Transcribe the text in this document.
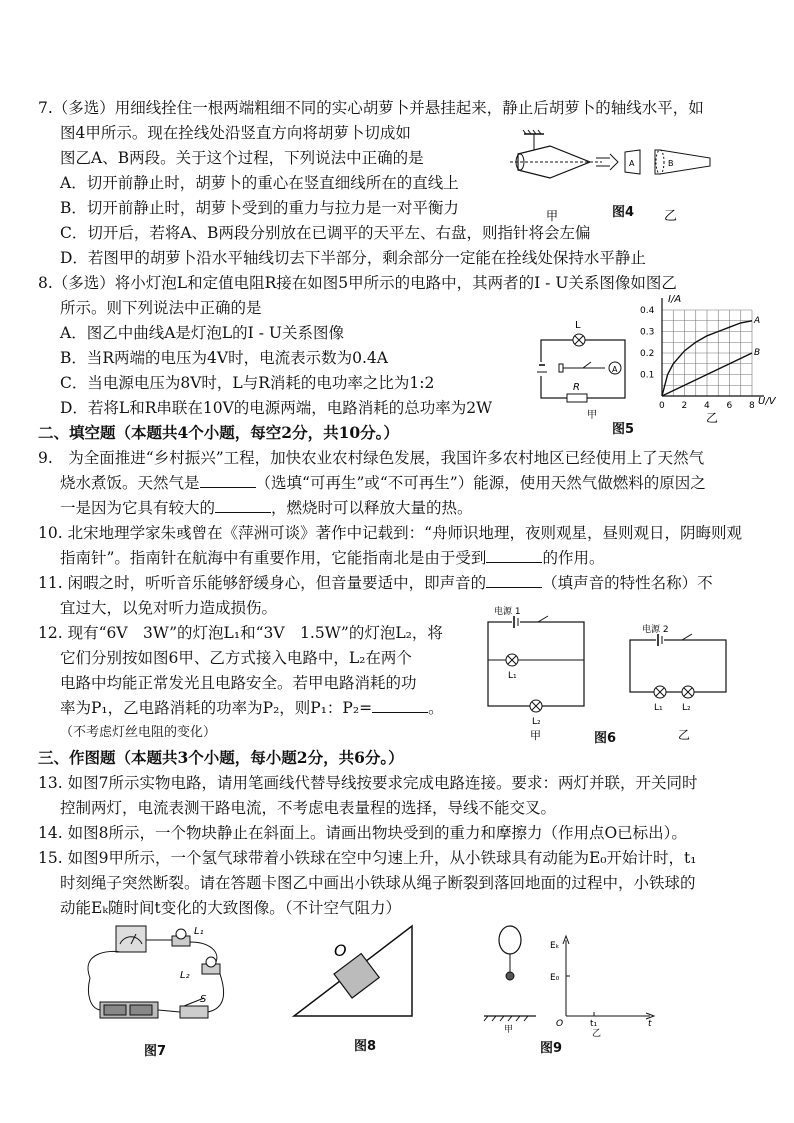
7.（多选）用细线拴住一根两端粗细不同的实心胡萝卜并悬挂起来，静止后胡萝卜的轴线水平，如
图4甲所示。现在拴线处沿竖直方向将胡萝卜切成如
图乙A、B两段。关于这个过程，下列说法中正确的是
A．切开前静止时，胡萝卜的重心在竖直细线所在的直线上
B．切开前静止时，胡萝卜受到的重力与拉力是一对平衡力
C．切开后，若将A、B两段分别放在已调平的天平左、右盘，则指针将会左偏
D．若图甲的胡萝卜沿水平轴线切去下半部分，剩余部分一定能在拴线处保持水平静止
A	B
甲	乙
图4
8.（多选）将小灯泡L和定值电阻R接在如图5甲所示的电路中，其两者的I - U关系图像如图乙
所示。则下列说法中正确的是
A．图乙中曲线A是灯泡L的I - U关系图像
B．当R两端的电压为4V时，电流表示数为0.4A
C．当电源电压为8V时，L与R消耗的电功率之比为1:2
D．若将L和R串联在10V的电源两端，电路消耗的总功率为2W
L
A
R
甲
A
B
0 2 4 6 8
0.1
0.2
0.3
0.4
I/A
U/V
乙
图5
二、填空题（本题共4个小题，每空2分，共10分。）
9.　为全面推进“乡村振兴”工程，加快农业农村绿色发展，我国许多农村地区已经使用上了天然气
烧水煮饭。天然气是	（选填“可再生”或“不可再生”）能源，使用天然气做燃料的原因之
一是因为它具有较大的	，燃烧时可以释放大量的热。
10. 北宋地理学家朱彧曾在《萍洲可谈》著作中记载到：“舟师识地理，夜则观星，昼则观日，阴晦则观
指南针”。指南针在航海中有重要作用，它能指南北是由于受到	的作用。
11. 闲暇之时，听听音乐能够舒缓身心，但音量要适中，即声音的	（填声音的特性名称）不
宜过大，以免对听力造成损伤。
12. 现有“6V　3W”的灯泡L₁和“3V　1.5W”的灯泡L₂，将
它们分别按如图6甲、乙方式接入电路中，L₂在两个
电路中均能正常发光且电路安全。若甲电路消耗的功
率为P₁，乙电路消耗的功率为P₂，则P₁：P₂=	。
（不考虑灯丝电阻的变化）
电源 1
L₁
L₂
甲
电源 2
L₁ L₂
乙
图6
三、作图题（本题共3个小题，每小题2分，共6分。）
13. 如图7所示实物电路，请用笔画线代替导线按要求完成电路连接。要求：两灯并联，开关同时
控制两灯，电流表测干路电流，不考虑电表量程的选择，导线不能交叉。
14. 如图8所示，一个物块静止在斜面上。请画出物块受到的重力和摩擦力（作用点O已标出）。
15. 如图9甲所示，一个氢气球带着小铁球在空中匀速上升，从小铁球具有动能为E₀开始计时，t₁
时刻绳子突然断裂。请在答题卡图乙中画出小铁球从绳子断裂到落回地面的过程中，小铁球的
动能Eₖ随时间t变化的大致图像。（不计空气阻力）
L₁
L₂
S
图7
O
图8
甲
Eₖ
E₀
O	t₁	t
乙
图9
